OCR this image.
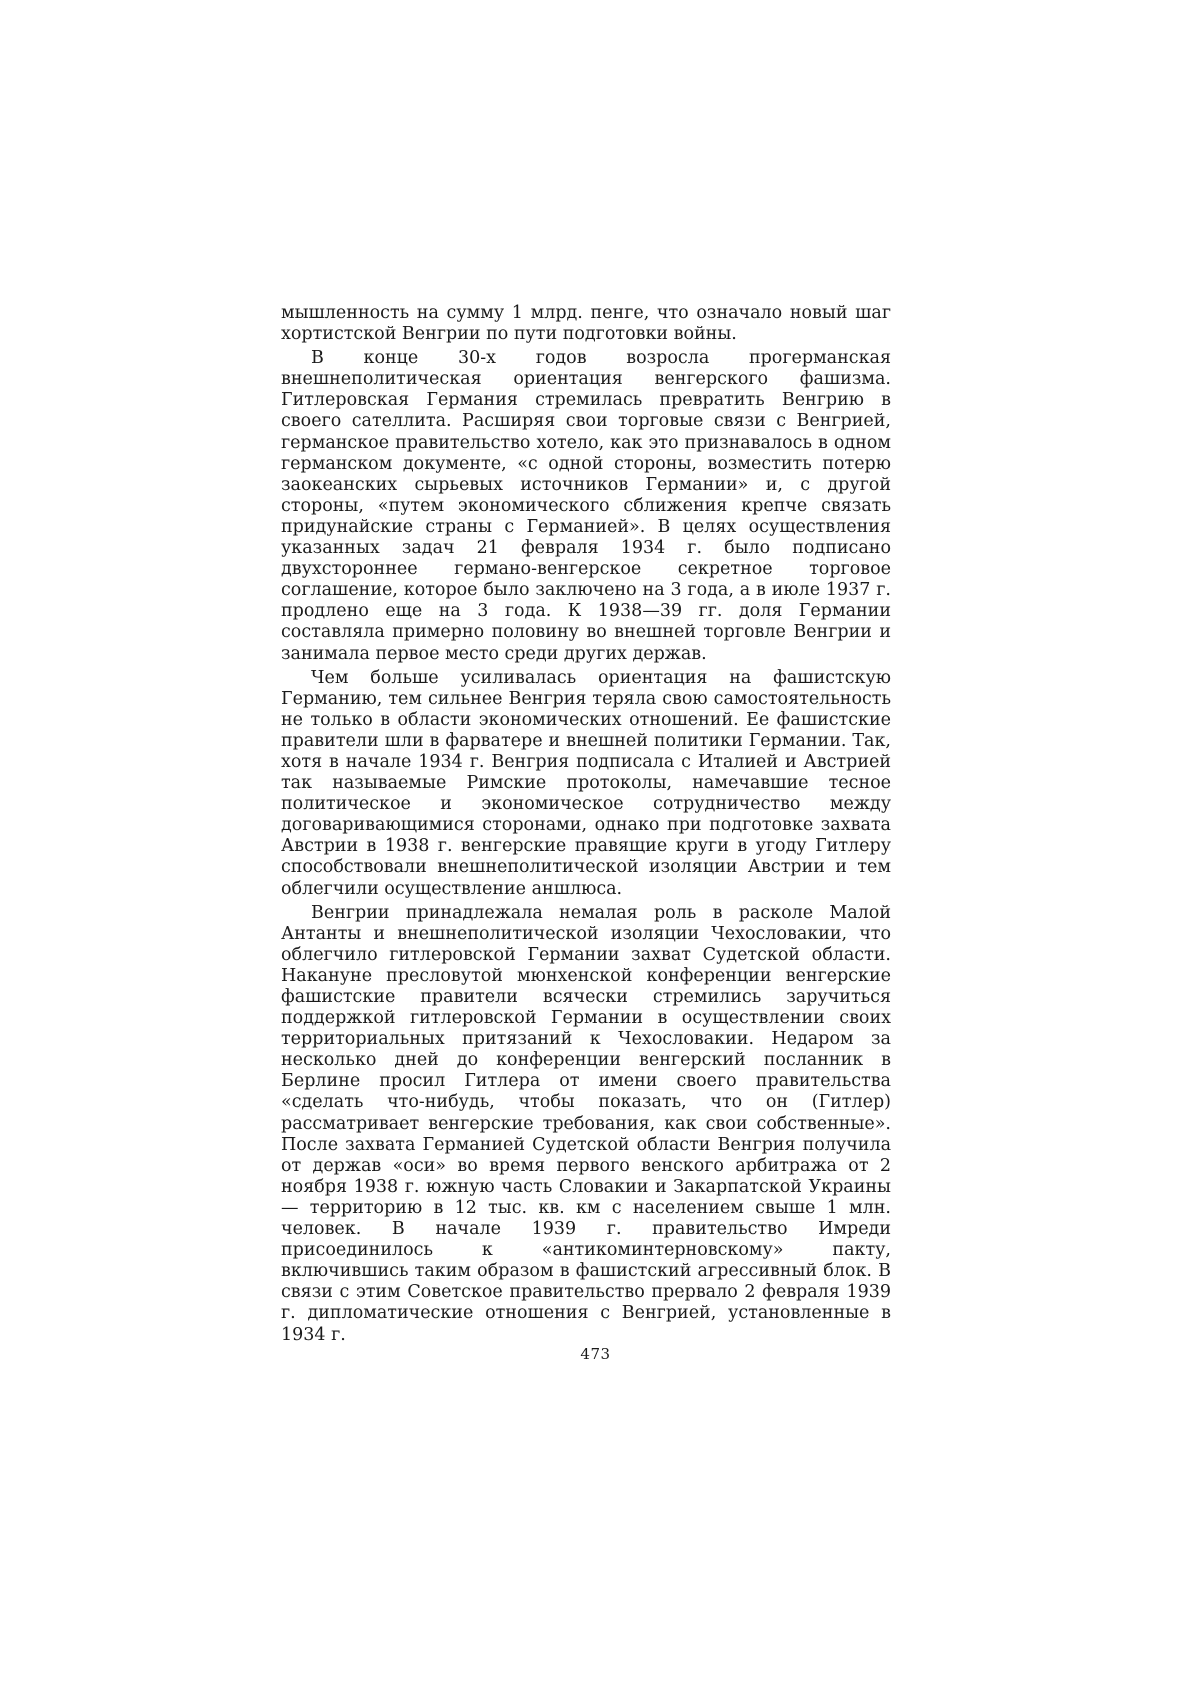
мышленность на сумму 1 млрд. пенге, что означало новый шаг хортистской Венгрии по пути подготовки войны.

В конце 30-х годов возросла прогерманская внешнеполитическая ориентация венгерского фашизма. Гитлеровская Германия стремилась превратить Венгрию в своего сателлита. Расширяя свои торговые связи с Венгрией, германское правительство хотело, как это признавалось в одном германском документе, «с одной стороны, возместить потерю заокеанских сырьевых источников Германии» и, с другой стороны, «путем экономического сближения крепче связать придунайские страны с Германией». В целях осуществления указанных задач 21 февраля 1934 г. было подписано двухстороннее германо-венгерское секретное торговое соглашение, которое было заключено на 3 года, а в июле 1937 г. продлено еще на 3 года. К 1938—39 гг. доля Германии составляла примерно половину во внешней торговле Венгрии и занимала первое место среди других держав.

Чем больше усиливалась ориентация на фашистскую Германию, тем сильнее Венгрия теряла свою самостоятельность не только в области экономических отношений. Ее фашистские правители шли в фарватере и внешней политики Германии. Так, хотя в начале 1934 г. Венгрия подписала с Италией и Австрией так называемые Римские протоколы, намечавшие тесное политическое и экономическое сотрудничество между договаривающимися сторонами, однако при подготовке захвата Австрии в 1938 г. венгерские правящие круги в угоду Гитлеру способствовали внешнеполитической изоляции Австрии и тем облегчили осуществление аншлюса.

Венгрии принадлежала немалая роль в расколе Малой Антанты и внешнеполитической изоляции Чехословакии, что облегчило гитлеровской Германии захват Судетской области. Накануне пресловутой мюнхенской конференции венгерские фашистские правители всячески стремились заручиться поддержкой гитлеровской Германии в осуществлении своих территориальных притязаний к Чехословакии. Недаром за несколько дней до конференции венгерский посланник в Берлине просил Гитлера от имени своего правительства «сделать что-нибудь, чтобы показать, что он (Гитлер) рассматривает венгерские требования, как свои собственные». После захвата Германией Судетской области Венгрия получила от держав «оси» во время первого венского арбитража от 2 ноября 1938 г. южную часть Словакии и Закарпатской Украины — территорию в 12 тыс. кв. км с населением свыше 1 млн. человек. В начале 1939 г. правительство Имреди присоединилось к «антикоминтерновскому» пакту, включившись таким образом в фашистский агрессивный блок. В связи с этим Советское правительство прервало 2 февраля 1939 г. дипломатические отношения с Венгрией, установленные в 1934 г.

473
